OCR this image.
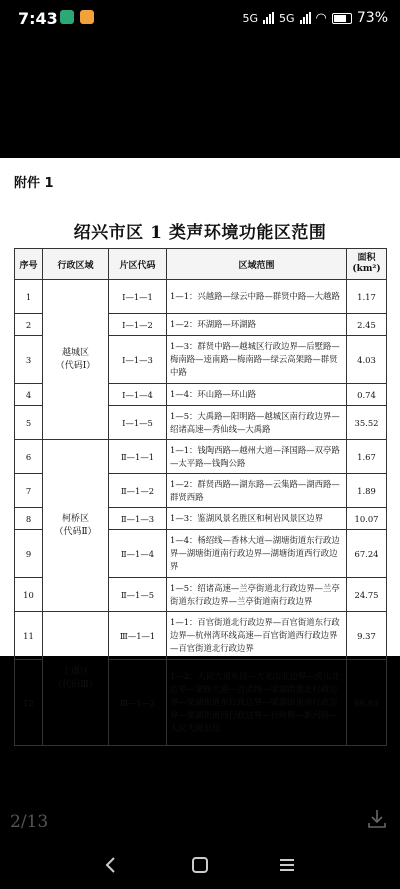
7:43	5G 5G ◠ 73%
附件 1
绍兴市区 1 类声环境功能区范围
序号	行政区域	片区代码	区域范围	面积
(km²)
1	越城区
（代码Ⅰ）	Ⅰ—1—1	1—1：兴越路—绿云中路—群贤中路—大越路	1.17
2		Ⅰ—1—2	1—2：环湖路—环湖路	2.45
3		Ⅰ—1—3	1—3：群贤中路—越城区行政边界—后墅路—梅南路—逵南路—梅南路—绿云高架路—群贤中路	4.03
4		Ⅰ—1—4	1—4：环山路—环山路	0.74
5		Ⅰ—1—5	1—5：大禹路—阳明路—越城区南行政边界—绍诸高速—秀仙线—大禹路	35.52
6	柯桥区
（代码Ⅱ）	Ⅱ—1—1	1—1：钱陶西路—越州大道—泽国路—双亭路—太平路—钱陶公路	1.67
7		Ⅱ—1—2	1—2：群贤西路—湖东路—云集路—湖西路—群贤西路	1.89
8		Ⅱ—1—3	1—3：鉴湖风景名胜区和柯岩风景区边界	10.07
9		Ⅱ—1—4	1—4：杨绍线—香林大道—湖塘街道东行政边界—湖塘街道南行政边界—湖塘街道西行政边界	67.24
10		Ⅱ—1—5	1—5：绍诸高速—兰亭街道北行政边界—兰亭街道东行政边界—兰亭街道南行政边界	24.75
11	上虞区
（代码Ⅲ）	Ⅲ—1—1	1—1：百官街道北行政边界—百官街道东行政边界—杭州湾环线高速—百官街道西行政边界—百官街道北行政边界	9.37
12		Ⅲ—1—2	1—2：人民大道东段—大龙山北边界—虎山北边界—梁衙大道—百武线—梁湖街道北行政边界—梁湖街道东行政边界—梁湖街道南行政边界—梁湖街道西行政边界—百岭路—新河路—人民大道东段	66.83
2/13
